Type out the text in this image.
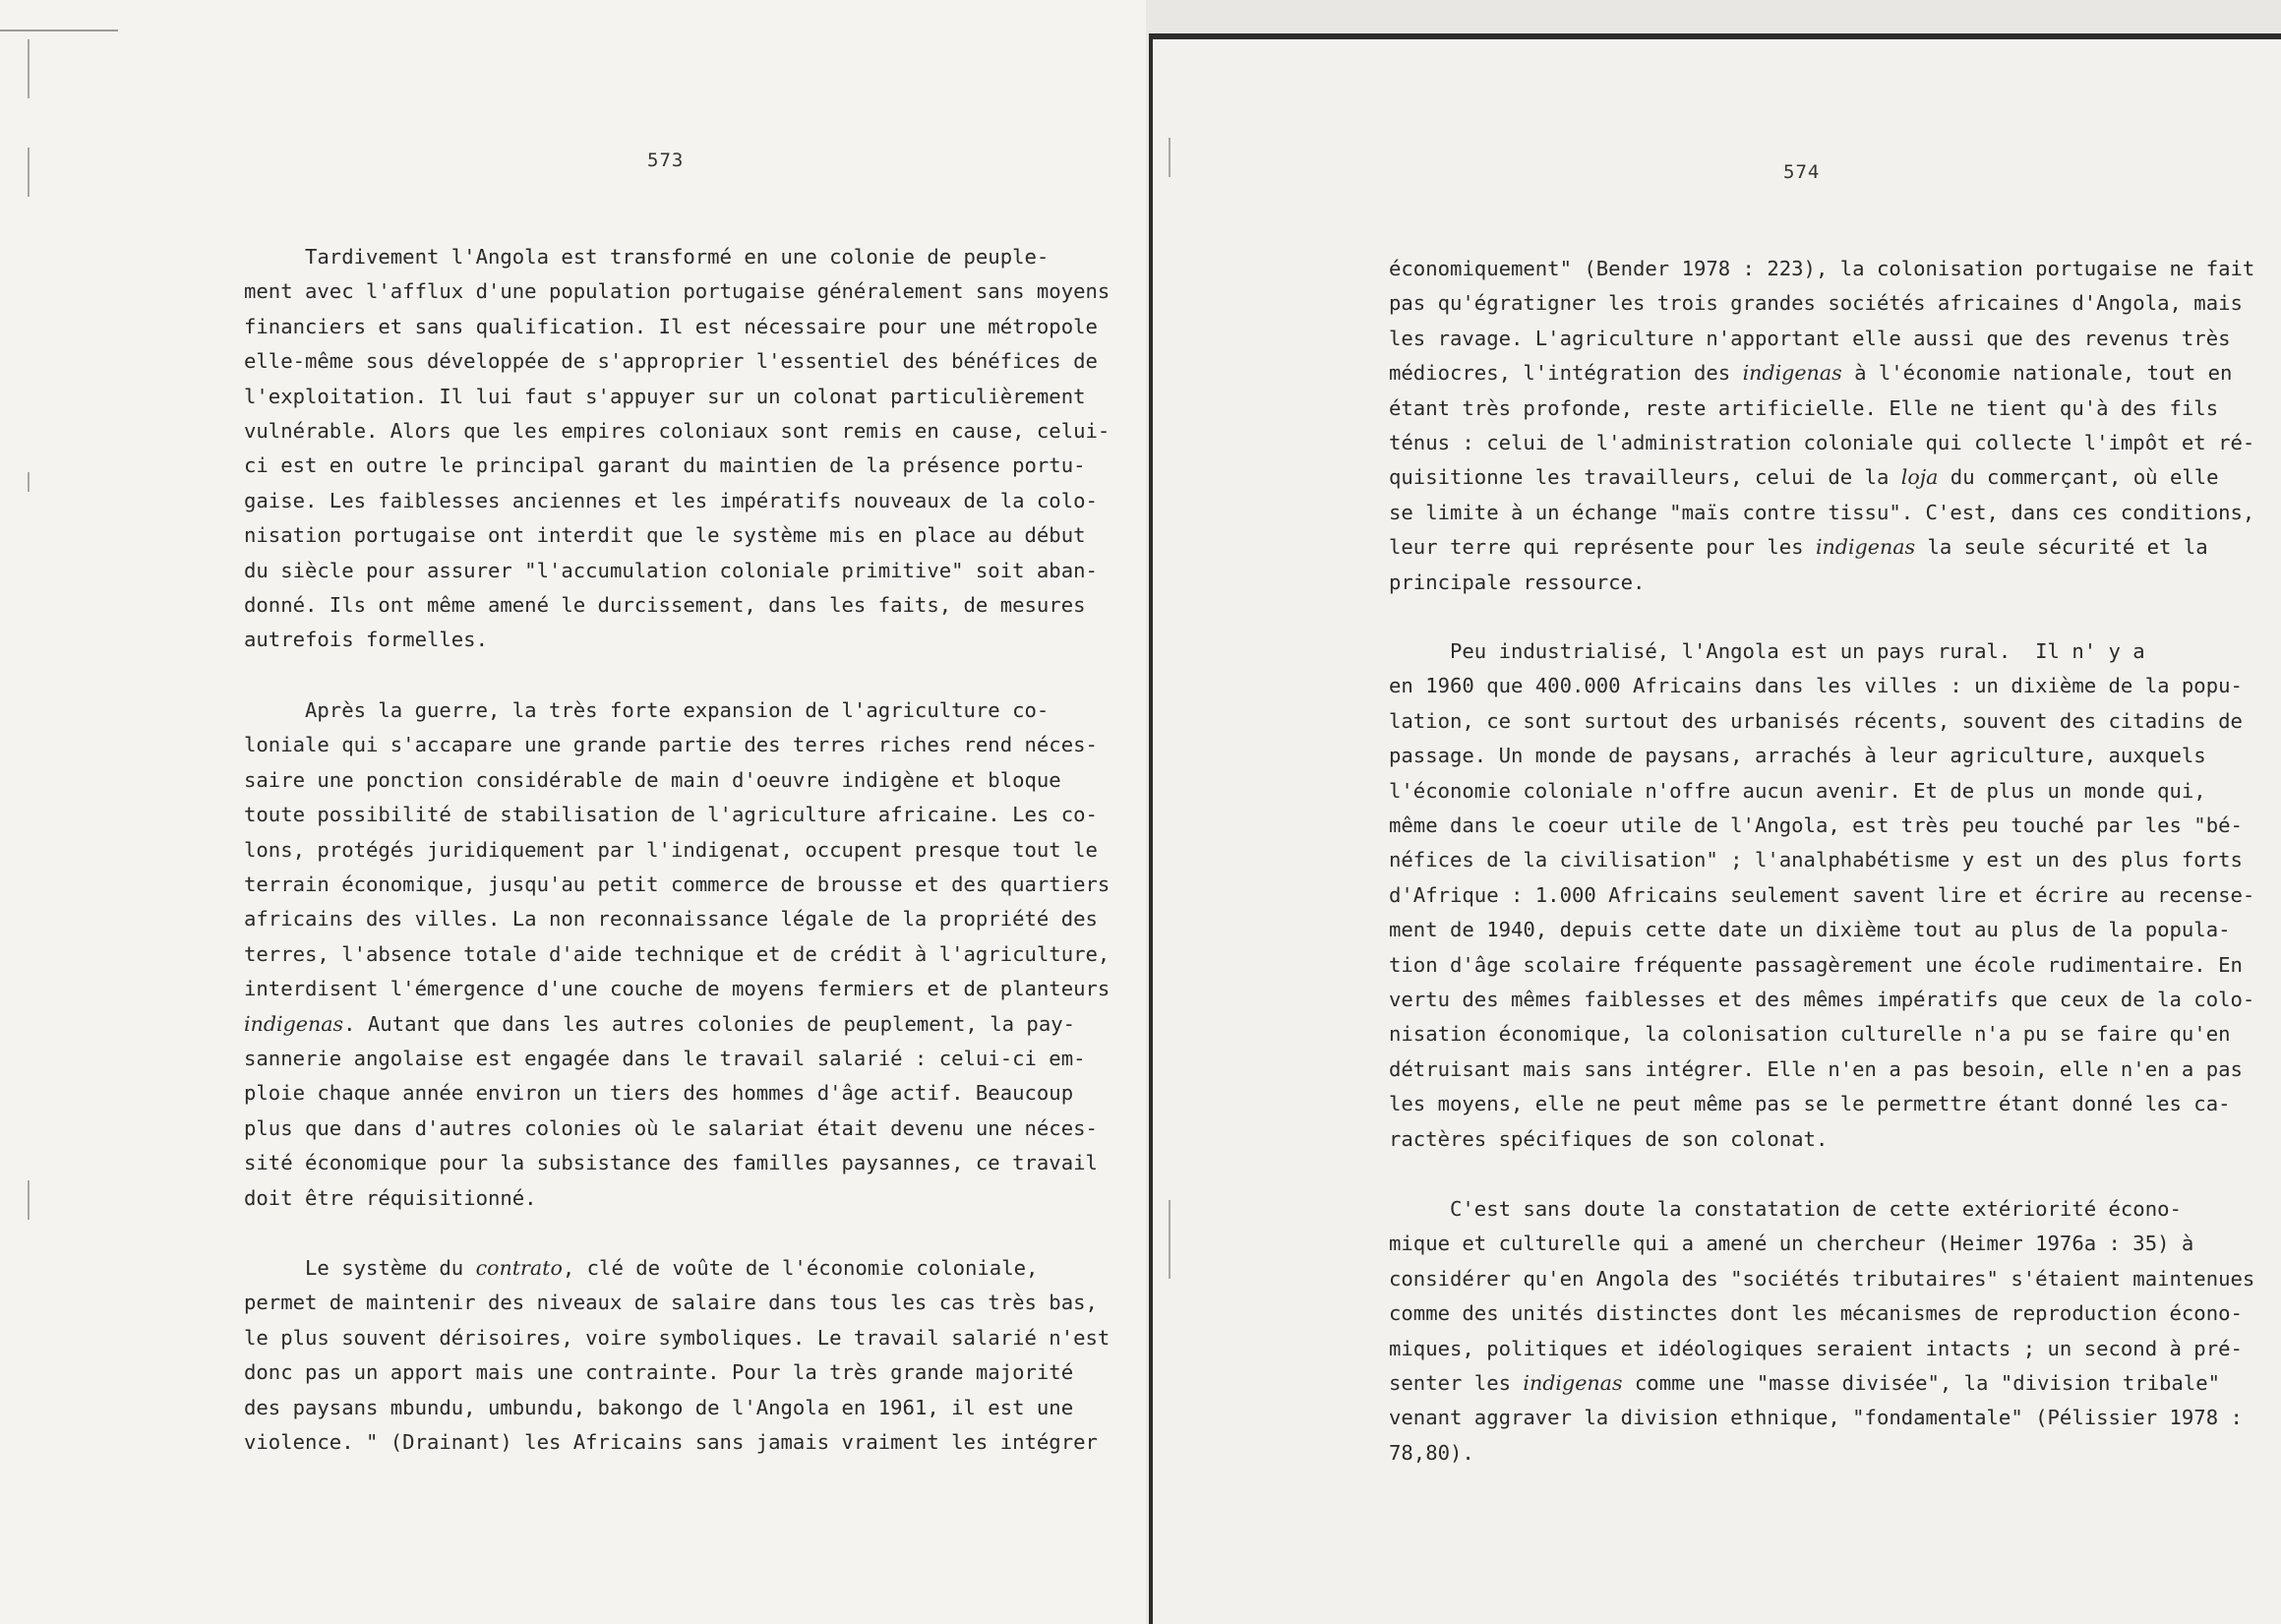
573
Tardivement l'Angola est transformé en une colonie de peuple-
ment avec l'afflux d'une population portugaise généralement sans moyens
financiers et sans qualification. Il est nécessaire pour une métropole
elle-même sous développée de s'approprier l'essentiel des bénéfices de
l'exploitation. Il lui faut s'appuyer sur un colonat particulièrement
vulnérable. Alors que les empires coloniaux sont remis en cause, celui-
ci est en outre le principal garant du maintien de la présence portu-
gaise. Les faiblesses anciennes et les impératifs nouveaux de la colo-
nisation portugaise ont interdit que le système mis en place au début
du siècle pour assurer "l'accumulation coloniale primitive" soit aban-
donné. Ils ont même amené le durcissement, dans les faits, de mesures
autrefois formelles.
Après la guerre, la très forte expansion de l'agriculture co-
loniale qui s'accapare une grande partie des terres riches rend néces-
saire une ponction considérable de main d'oeuvre indigène et bloque
toute possibilité de stabilisation de l'agriculture africaine. Les co-
lons, protégés juridiquement par l'indigenat, occupent presque tout le
terrain économique, jusqu'au petit commerce de brousse et des quartiers
africains des villes. La non reconnaissance légale de la propriété des
terres, l'absence totale d'aide technique et de crédit à l'agriculture,
interdisent l'émergence d'une couche de moyens fermiers et de planteurs
indigenas. Autant que dans les autres colonies de peuplement, la pay-
sannerie angolaise est engagée dans le travail salarié : celui-ci em-
ploie chaque année environ un tiers des hommes d'âge actif. Beaucoup
plus que dans d'autres colonies où le salariat était devenu une néces-
sité économique pour la subsistance des familles paysannes, ce travail
doit être réquisitionné.
Le système du contrato, clé de voûte de l'économie coloniale,
permet de maintenir des niveaux de salaire dans tous les cas très bas,
le plus souvent dérisoires, voire symboliques. Le travail salarié n'est
donc pas un apport mais une contrainte. Pour la très grande majorité
des paysans mbundu, umbundu, bakongo de l'Angola en 1961, il est une
violence. " (Drainant) les Africains sans jamais vraiment les intégrer
574
économiquement" (Bender 1978 : 223), la colonisation portugaise ne fait
pas qu'égratigner les trois grandes sociétés africaines d'Angola, mais
les ravage. L'agriculture n'apportant elle aussi que des revenus très
médiocres, l'intégration des indigenas à l'économie nationale, tout en
étant très profonde, reste artificielle. Elle ne tient qu'à des fils
ténus : celui de l'administration coloniale qui collecte l'impôt et ré-
quisitionne les travailleurs, celui de la loja du commerçant, où elle
se limite à un échange "maïs contre tissu". C'est, dans ces conditions,
leur terre qui représente pour les indigenas la seule sécurité et la
principale ressource.
Peu industrialisé, l'Angola est un pays rural.  Il n' y a
en 1960 que 400.000 Africains dans les villes : un dixième de la popu-
lation, ce sont surtout des urbanisés récents, souvent des citadins de
passage. Un monde de paysans, arrachés à leur agriculture, auxquels
l'économie coloniale n'offre aucun avenir. Et de plus un monde qui,
même dans le coeur utile de l'Angola, est très peu touché par les "bé-
néfices de la civilisation" ; l'analphabétisme y est un des plus forts
d'Afrique : 1.000 Africains seulement savent lire et écrire au recense-
ment de 1940, depuis cette date un dixième tout au plus de la popula-
tion d'âge scolaire fréquente passagèrement une école rudimentaire. En
vertu des mêmes faiblesses et des mêmes impératifs que ceux de la colo-
nisation économique, la colonisation culturelle n'a pu se faire qu'en
détruisant mais sans intégrer. Elle n'en a pas besoin, elle n'en a pas
les moyens, elle ne peut même pas se le permettre étant donné les ca-
ractères spécifiques de son colonat.
C'est sans doute la constatation de cette extériorité écono-
mique et culturelle qui a amené un chercheur (Heimer 1976a : 35) à
considérer qu'en Angola des "sociétés tributaires" s'étaient maintenues
comme des unités distinctes dont les mécanismes de reproduction écono-
miques, politiques et idéologiques seraient intacts ; un second à pré-
senter les indigenas comme une "masse divisée", la "division tribale"
venant aggraver la division ethnique, "fondamentale" (Pélissier 1978 :
78,80).
